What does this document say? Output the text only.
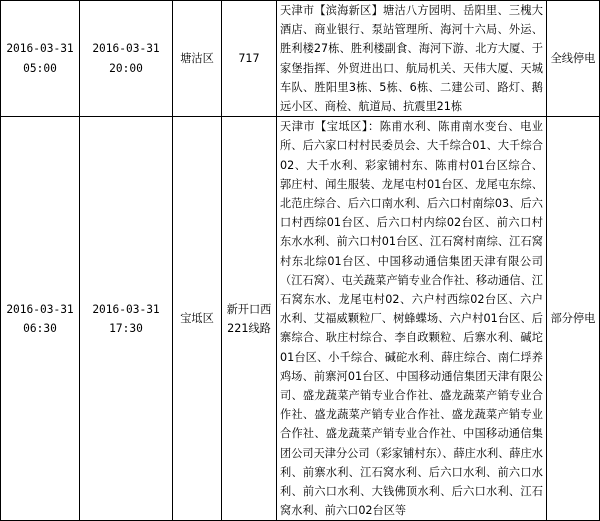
2016-03-31 05:00	2016-03-31 20:00	塘沽区	717	天津市【滨海新区】塘沽八方园明、岳阳里、三槐大酒店、商业银行、泵站管理所、海河十六局、外运、胜利楼27栋、胜利楼副食、海河下游、北方大厦、于家堡指挥、外贸进出口、航局机关、天伟大厦、天城车队、胜阳里3栋、5栋、6栋、二建公司、路灯、鹅远小区、商检、航道局、抗震里21栋	全线停电

2016-03-31 06:30	2016-03-31 17:30	宝坻区	新开口西221线路	天津市【宝坻区】：陈甫水利、陈甫南水变台、电业所、后六家口村村民委员会、大千综合01、大千综合02、大千水利、彩家铺村东、陈甫村01台区综合、郭庄村、闻生服装、龙尾屯村01台区、龙尾屯东综、北范庄综合、后六口南水利、后六口村南综03、后六口村西综01台区、后六口村内综02台区、前六口村东水水利、前六口村01台区、江石窝村南综、江石窝村东北综01台区、中国移动通信集团天津有限公司（江石窝）、屯关蔬菜产销专业合作社、移动通信、江石窝东水、龙尾屯村02、六户村西综02台区、六户水利、艾福威颗粒厂、树蜂蝶场、六户村01台区、后寨综合、耿庄村综合、李自政颗粒、后寨水利、碱坨01台区、小千综合、碱砣水利、薛庄综合、南仁垺养鸡场、前寨河01台区、中国移动通信集团天津有限公司、盛龙蔬菜产销专业合作社、盛龙蔬菜产销专业合作社、盛龙蔬菜产销专业合作社、盛龙蔬菜产销专业合作社、盛龙蔬菜产销专业合作社、中国移动通信集团公司天津分公司（彩家铺村东）、薛庄水利、薛庄水利、前寨水利、江石窝水利、后六口水利、前六口水利、前六口水利、大钱佛顶水利、后六口水利、江石窝水利、前六口02台区等	部分停电
